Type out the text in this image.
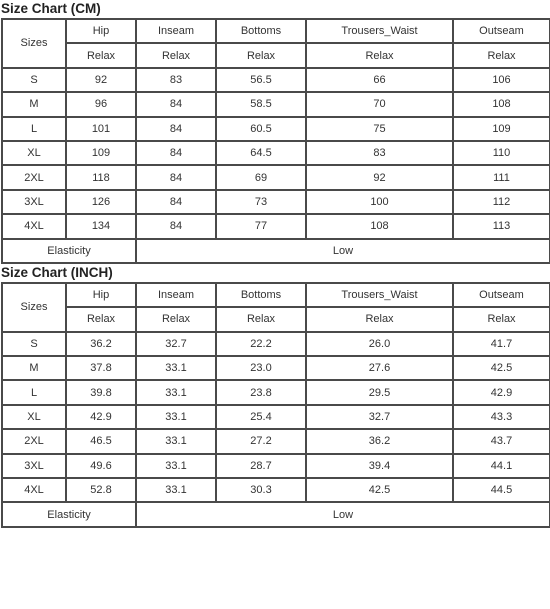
Size Chart (CM)
Sizes	Hip	Inseam	Bottoms	Trousers_Waist	Outseam
	Relax	Relax	Relax	Relax	Relax
S	92	83	56.5	66	106
M	96	84	58.5	70	108
L	101	84	60.5	75	109
XL	109	84	64.5	83	110
2XL	118	84	69	92	111
3XL	126	84	73	100	112
4XL	134	84	77	108	113
Elasticity		Low			
Size Chart (INCH)
Sizes	Hip	Inseam	Bottoms	Trousers_Waist	Outseam
	Relax	Relax	Relax	Relax	Relax
S	36.2	32.7	22.2	26.0	41.7
M	37.8	33.1	23.0	27.6	42.5
L	39.8	33.1	23.8	29.5	42.9
XL	42.9	33.1	25.4	32.7	43.3
2XL	46.5	33.1	27.2	36.2	43.7
3XL	49.6	33.1	28.7	39.4	44.1
4XL	52.8	33.1	30.3	42.5	44.5
Elasticity		Low			
